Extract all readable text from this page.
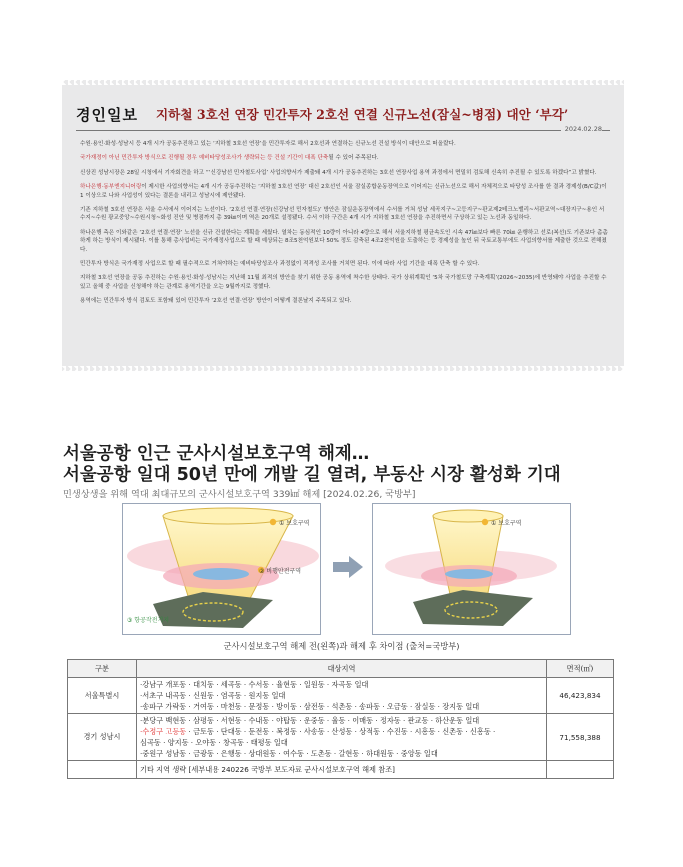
경인일보 지하철 3호선 연장 민간투자 2호선 연결 신규노선(잠실~병점) 대안 ‘부각’
2024.02.28

수원·용인·화성·성남시 등 4개 시가 공동추진하고 있는 ‘지하철 3호선 연장’을 민간투자로 해서 2호선과 연결하는 신규노선 건설 방식이 대안으로 떠올랐다.

국가재정이 아닌 민간투자 방식으로 진행될 경우 예비타당성조사가 생략되는 등 건설 기간이 대폭 단축될 수 있어 주목된다.

신상진 성남시장은 28일 시청에서 기자회견을 하고 “‘신강남선 민자철도사업’ 사업의향서가 제출돼 4개 시가 공동추진하는 3호선 연장사업 용역 과정에서 면밀히 검토해 신속히 추진될 수 있도록 하겠다”고 밝혔다.

하나은행·동부엔지니어링이 제시한 사업의향서는 4개 시가 공동추진하는 ‘지하철 3호선 연장’ 대신 2호선인 서울 잠실종합운동장역으로 이어지는 신규노선으로 해서 자체적으로 타당성 조사를 한 결과 경제성(B/C값)이 1 이상으로 나와 사업성이 있다는 결론을 내리고 성남시에 제안됐다.

기존 지하철 3호선 연장은 서울 수서에서 이어지는 노선이다. ‘2호선 연결·연장(신강남선 민자철도)’ 방안은 잠실운동장역에서 수서를 거쳐 성남 세곡지구~고등지구~판교제2테크노밸리~서판교역~대장지구~용인 서수지~수원 광교중앙~수원시청~화성 진안 및 병점까지 총 39㎞이며 역은 20개로 설정됐다. 수서 이하 구간은 4개 시가 지하철 3호선 연장을 추진하면서 구상하고 있는 노선과 동일하다.

하나은행 측은 이와같은 ‘2호선 연결·연장’ 노선을 신규 건설한다는 계획을 세웠다. 열차는 동심적인 10량이 아니라 4량으로 해서 서울지하철 평균속도인 시속 47㎞보다 빠른 70㎞ 운행하고 선로(복선)도 기존보다 촘촘하게 하는 방식이 제시됐다. 이를 통해 총사업비는 국가재정사업으로 할 때 예상되는 8조5천억원보다 50% 정도 감축된 4조2천억원을 도출하는 등 경제성을 높인 뒤 국토교통부에도 사업의향서를 제출한 것으로 전해졌다.

민간투자 방식은 국가재정 사업으로 할 때 필수적으로 거쳐야하는 예비타당성조사 과정없이 적격성 조사를 거치면 된다. 이에 따라 사업 기간을 대폭 단축 할 수 있다.

지하철 3호선 연장을 공동 추진하는 수원·용인·화성·성남시는 지난해 11월 최적의 방안을 찾기 위한 공동 용역에 착수한 상태다. 국가 상위계획인 ‘5차 국가철도망 구축계획’(2026~2035)에 반영돼야 사업을 추진할 수 있고 올해 중 사업을 신청해야 하는 관계로 용역기간을 오는 9월까지로 정했다.

용역에는 민간투자 방식 검토도 포함돼 있어 민간투자 ‘2호선 연결·연장’ 방안이 어떻게 결론날지 주목되고 있다.

서울공항 인근 군사시설보호구역 해제…
서울공항 일대 50년 만에 개발 길 열려, 부동산 시장 활성화 기대
민생상생을 위해 역대 최대규모의 군사시설보호구역 339㎢ 해제 [2024.02.26, 국방부]
① 보호구역
② 비행안전구역
③ 항공작전기지
① 보호구역
군사시설보호구역 해제 전(왼쪽)과 해제 후 차이점 (출처=국방부)
구분	대상지역	면적(㎡)
서울특별시	·강남구 개포동 · 대치동 · 세곡동 · 수서동 · 율현동 · 일원동 · 자곡동 일대
·서초구 내곡동 · 신원동 · 염곡동 · 원지동 일대
·송파구 가락동 · 거여동 · 마천동 · 문정동 · 방이동 · 삼전동 · 석촌동 · 송파동 · 오금동 · 잠실동 · 장지동 일대	46,423,834
경기 성남시	·분당구 백현동 · 삼평동 · 서현동 · 수내동 · 야탑동 · 운중동 · 율동 · 이매동 · 정자동 · 판교동 · 하산운동 일대
·수정구 고등동 · 금토동 · 단대동 · 둔전동 · 복정동 · 사송동 · 산성동 · 상적동 · 수진동 · 시흥동 · 신촌동 · 신흥동 ·
심곡동 · 양지동 · 오야동 · 창곡동 · 태평동 일대
·중원구 성남동 · 금광동 · 은행동 · 상대원동 · 여수동 · 도촌동 · 갈현동 · 하대원동 · 중앙동 일대	71,558,388
	기타 지역 생략 [세부내용 240226 국방부 보도자료 군사시설보호구역 해제 참조]	
